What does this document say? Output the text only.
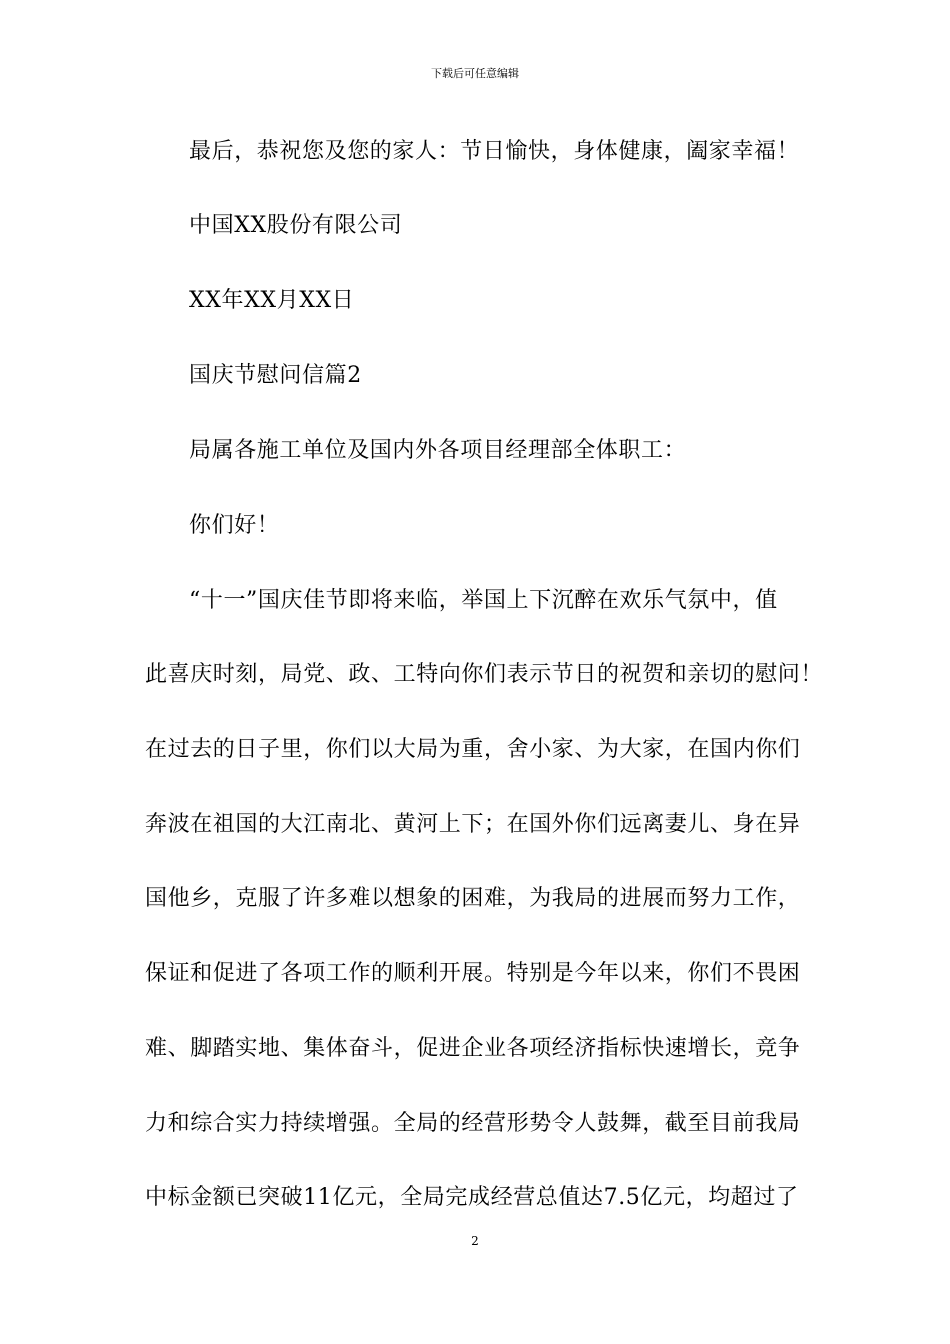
下载后可任意编辑
最后，恭祝您及您的家人：节日愉快，身体健康，阖家幸福！
中国XX股份有限公司
XX年XX月XX日
国庆节慰问信篇2
局属各施工单位及国内外各项目经理部全体职工：
你们好！
“十一”国庆佳节即将来临，举国上下沉醉在欢乐气氛中，值
此喜庆时刻，局党、政、工特向你们表示节日的祝贺和亲切的慰问！
在过去的日子里，你们以大局为重，舍小家、为大家，在国内你们
奔波在祖国的大江南北、黄河上下；在国外你们远离妻儿、身在异
国他乡，克服了许多难以想象的困难，为我局的进展而努力工作，
保证和促进了各项工作的顺利开展。特别是今年以来，你们不畏困
难、脚踏实地、集体奋斗，促进企业各项经济指标快速增长，竞争
力和综合实力持续增强。全局的经营形势令人鼓舞，截至目前我局
中标金额已突破11亿元，全局完成经营总值达7.5亿元，均超过了
2
